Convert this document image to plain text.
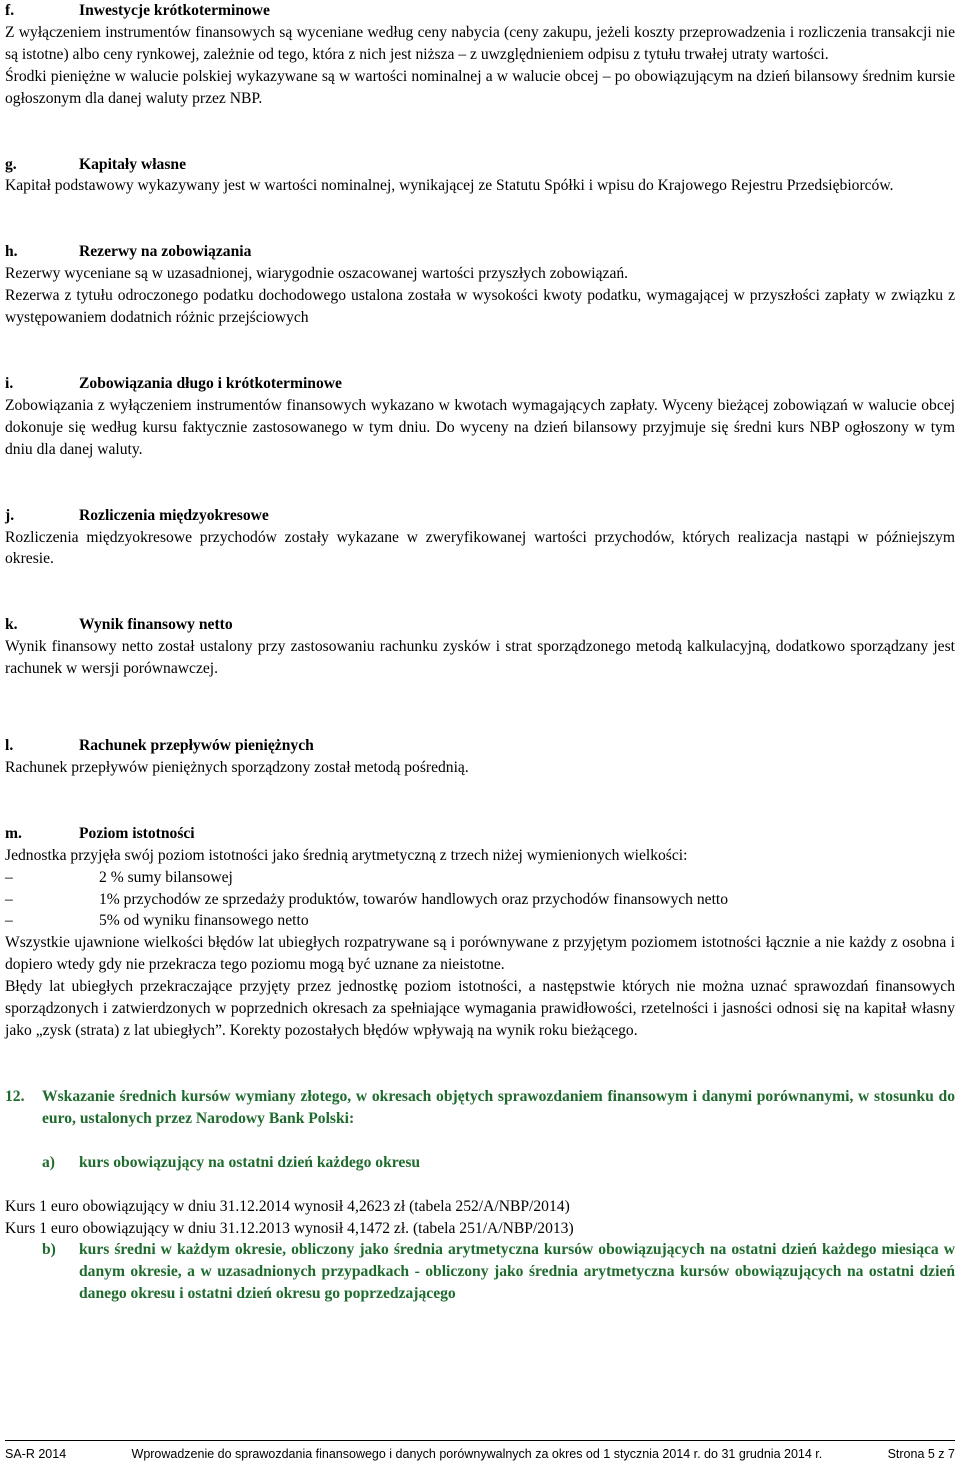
f.	Inwestycje krótkoterminowe

Z wyłączeniem instrumentów finansowych są wyceniane według ceny nabycia (ceny zakupu, jeżeli koszty przeprowadzenia i rozliczenia transakcji nie są istotne) albo ceny rynkowej, zależnie od tego, która z nich jest niższa – z uwzględnieniem odpisu z tytułu trwałej utraty wartości.

Środki pieniężne w walucie polskiej wykazywane są w wartości nominalnej a w walucie obcej – po obowiązującym na dzień bilansowy średnim kursie ogłoszonym dla danej waluty przez NBP.

g.	Kapitały własne

Kapitał podstawowy wykazywany jest w wartości nominalnej, wynikającej ze Statutu Spółki i wpisu do Krajowego Rejestru Przedsiębiorców.

h.	Rezerwy na zobowiązania

Rezerwy wyceniane są w uzasadnionej, wiarygodnie oszacowanej wartości przyszłych zobowiązań.

Rezerwa z tytułu odroczonego podatku dochodowego ustalona została w wysokości kwoty podatku, wymagającej w przyszłości zapłaty w związku z występowaniem dodatnich różnic przejściowych

i.	Zobowiązania długo i krótkoterminowe

Zobowiązania z wyłączeniem instrumentów finansowych wykazano w kwotach wymagających zapłaty. Wyceny bieżącej zobowiązań w walucie obcej dokonuje się według kursu faktycznie zastosowanego w tym dniu. Do wyceny na dzień bilansowy przyjmuje się średni kurs NBP ogłoszony w tym dniu dla danej waluty.

j.	Rozliczenia międzyokresowe

Rozliczenia międzyokresowe przychodów zostały wykazane w zweryfikowanej wartości przychodów, których realizacja nastąpi w późniejszym okresie.

k.	Wynik finansowy netto

Wynik finansowy netto został ustalony przy zastosowaniu rachunku zysków i strat sporządzonego metodą kalkulacyjną, dodatkowo sporządzany jest rachunek w wersji porównawczej.

l.	Rachunek przepływów pieniężnych

Rachunek przepływów pieniężnych sporządzony został metodą pośrednią.

m.	Poziom istotności

Jednostka przyjęła swój poziom istotności jako średnią arytmetyczną z trzech niżej wymienionych wielkości:

–	2 % sumy bilansowej
–	1% przychodów ze sprzedaży produktów, towarów handlowych oraz przychodów finansowych netto
–	5% od wyniku finansowego netto

Wszystkie ujawnione wielkości błędów lat ubiegłych rozpatrywane są i porównywane z przyjętym poziomem istotności łącznie a nie każdy z osobna i dopiero wtedy gdy nie przekracza tego poziomu mogą być uznane za nieistotne.

Błędy lat ubiegłych przekraczające przyjęty przez jednostkę poziom istotności, a następstwie których nie można uznać sprawozdań finansowych sporządzonych i zatwierdzonych w poprzednich okresach za spełniające wymagania prawidłowości, rzetelności i jasności odnosi się na kapitał własny jako „zysk (strata) z lat ubiegłych”. Korekty pozostałych błędów wpływają na wynik roku bieżącego.

12. Wskazanie średnich kursów wymiany złotego, w okresach objętych sprawozdaniem finansowym i danymi porównanymi, w stosunku do euro, ustalonych przez Narodowy Bank Polski:
a) kurs obowiązujący na ostatni dzień każdego okresu

Kurs 1 euro obowiązujący w dniu 31.12.2014 wynosił 4,2623 zł (tabela 252/A/NBP/2014)

Kurs 1 euro obowiązujący w dniu 31.12.2013 wynosił 4,1472 zł. (tabela 251/A/NBP/2013)

b) kurs średni w każdym okresie, obliczony jako średnia arytmetyczna kursów obowiązujących na ostatni dzień każdego miesiąca w danym okresie, a w uzasadnionych przypadkach - obliczony jako średnia arytmetyczna kursów obowiązujących na ostatni dzień danego okresu i ostatni dzień okresu go poprzedzającego
SA-R 2014	Wprowadzenie do sprawozdania finansowego i danych porównywalnych za okres od 1 stycznia 2014 r. do 31 grudnia 2014 r.	Strona 5 z 7
